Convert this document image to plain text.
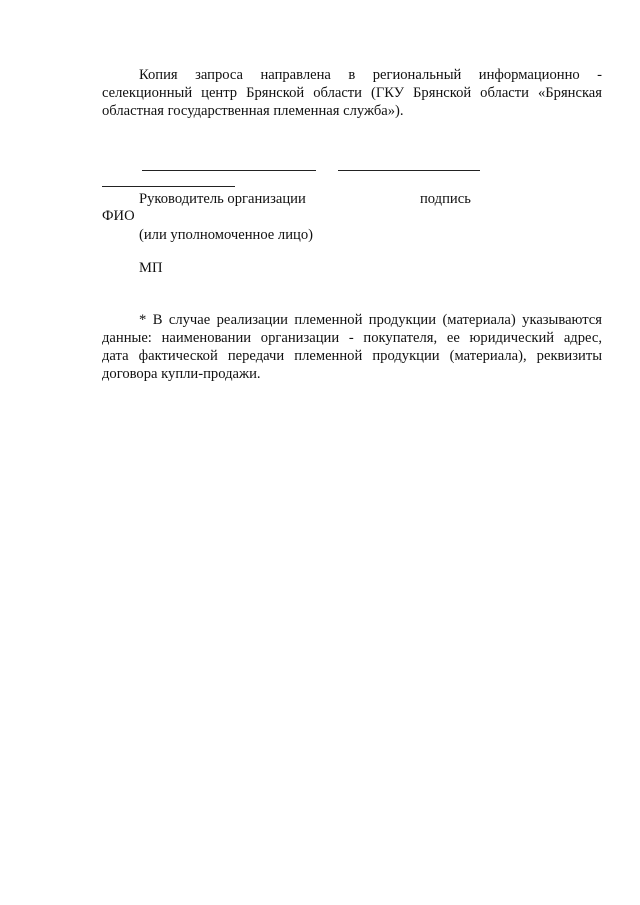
Копия запроса направлена в региональный информационно -
селекционный центр Брянской области (ГКУ Брянской области «Брянская
областная государственная племенная служба»).

Руководитель организации	подпись
ФИО
(или уполномоченное лицо)
МП

* В случае реализации племенной продукции (материала) указываются
данные: наименовании организации - покупателя, ее юридический адрес,
дата фактической передачи племенной продукции (материала), реквизиты
договора купли-продажи.
